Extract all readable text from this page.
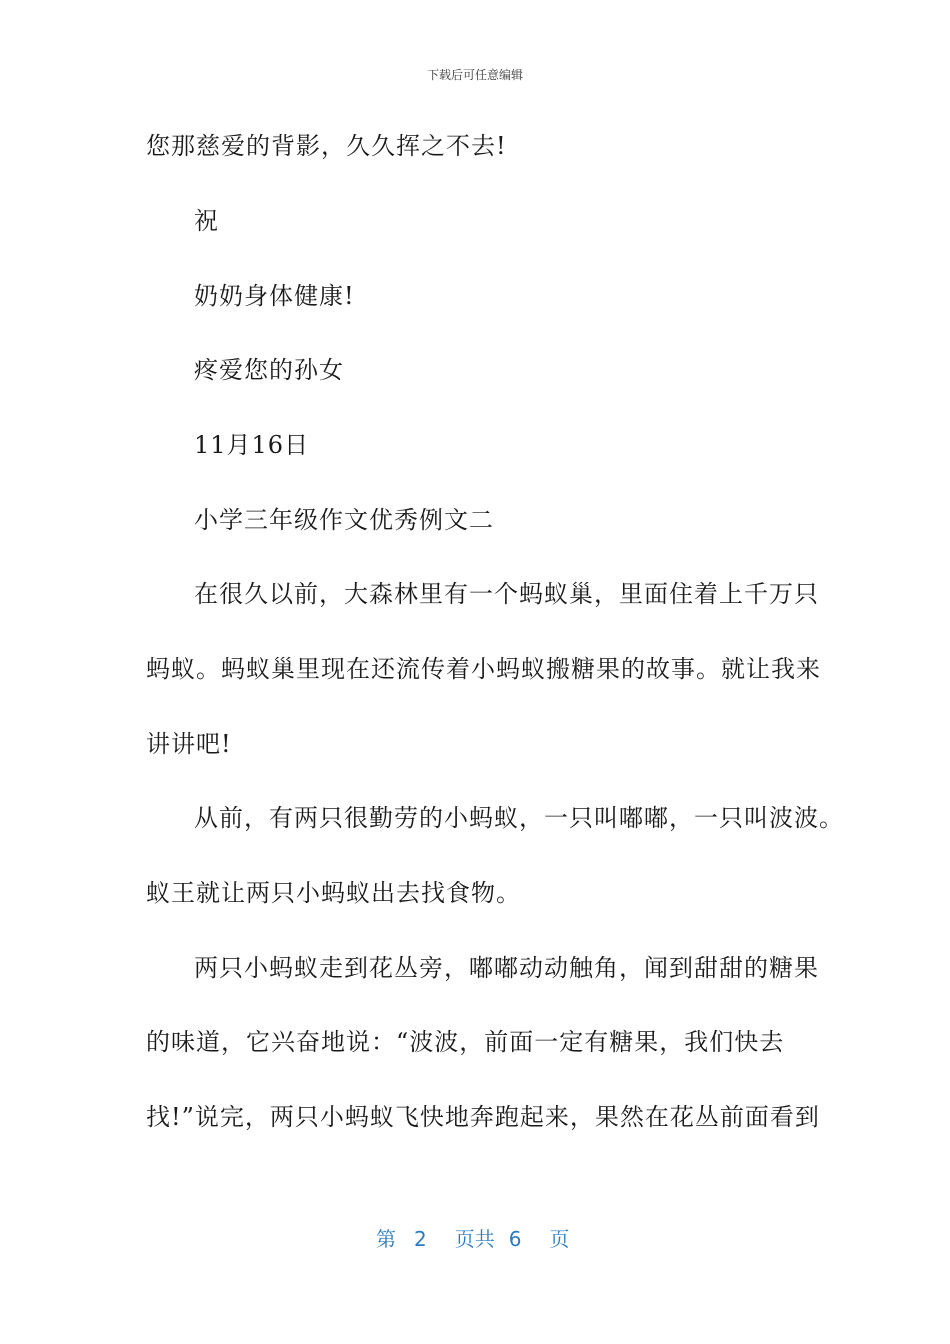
下载后可任意编辑
您那慈爱的背影，久久挥之不去!
祝
奶奶身体健康!
疼爱您的孙女
11月16日
小学三年级作文优秀例文二
在很久以前，大森林里有一个蚂蚁巢，里面住着上千万只
蚂蚁。蚂蚁巢里现在还流传着小蚂蚁搬糖果的故事。就让我来
讲讲吧!
从前，有两只很勤劳的小蚂蚁，一只叫嘟嘟，一只叫波波。
蚁王就让两只小蚂蚁出去找食物。
两只小蚂蚁走到花丛旁，嘟嘟动动触角，闻到甜甜的糖果
的味道，它兴奋地说：“波波，前面一定有糖果，我们快去
找!”说完，两只小蚂蚁飞快地奔跑起来，果然在花丛前面看到
第 2 页共 6 页
